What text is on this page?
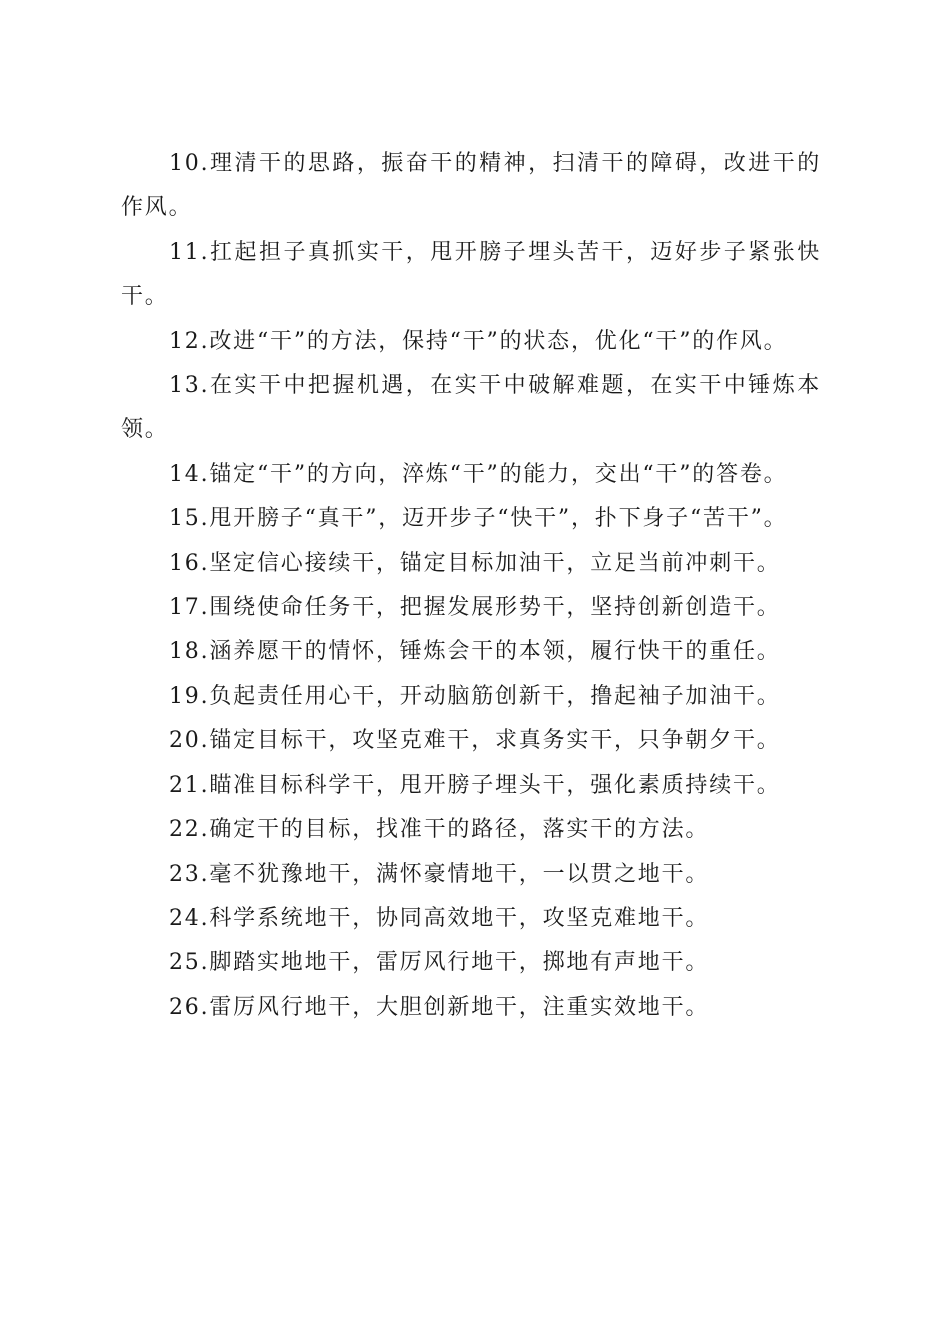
10.理清干的思路，振奋干的精神，扫清干的障碍，改进干的作风。

11.扛起担子真抓实干，甩开膀子埋头苦干，迈好步子紧张快干。

12.改进“干”的方法，保持“干”的状态，优化“干”的作风。

13.在实干中把握机遇，在实干中破解难题，在实干中锤炼本领。

14.锚定“干”的方向，淬炼“干”的能力，交出“干”的答卷。

15.甩开膀子“真干”，迈开步子“快干”，扑下身子“苦干”。

16.坚定信心接续干，锚定目标加油干，立足当前冲刺干。

17.围绕使命任务干，把握发展形势干，坚持创新创造干。

18.涵养愿干的情怀，锤炼会干的本领，履行快干的重任。

19.负起责任用心干，开动脑筋创新干，撸起袖子加油干。

20.锚定目标干，攻坚克难干，求真务实干，只争朝夕干。

21.瞄准目标科学干，甩开膀子埋头干，强化素质持续干。

22.确定干的目标，找准干的路径，落实干的方法。

23.毫不犹豫地干，满怀豪情地干，一以贯之地干。

24.科学系统地干，协同高效地干，攻坚克难地干。

25.脚踏实地地干，雷厉风行地干，掷地有声地干。

26.雷厉风行地干，大胆创新地干，注重实效地干。
